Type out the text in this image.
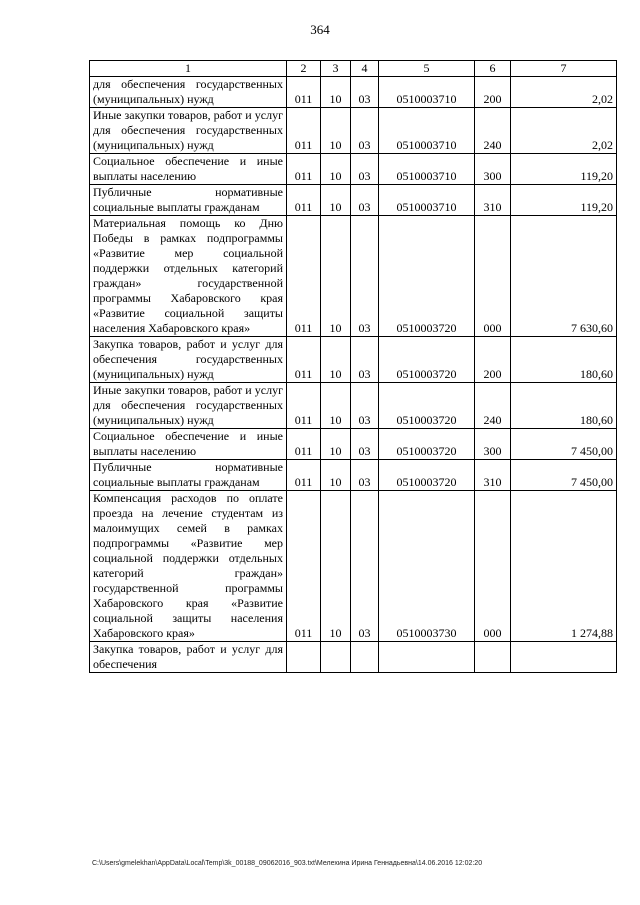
364
1	2	3	4	5	6	7
для обеспечения государственных (муниципальных) нужд	011	10	03	0510003710	200	2,02
Иные закупки товаров, работ и услуг для обеспечения государственных (муниципальных) нужд	011	10	03	0510003710	240	2,02
Социальное обеспечение и иные выплаты населению	011	10	03	0510003710	300	119,20
Публичные нормативные социальные выплаты гражданам	011	10	03	0510003710	310	119,20
Материальная помощь ко Дню Победы в рамках подпрограммы «Развитие мер социальной поддержки отдельных категорий граждан» государственной программы Хабаровского края «Развитие социальной защиты населения Хабаровского края»	011	10	03	0510003720	000	7 630,60
Закупка товаров, работ и услуг для обеспечения государственных (муниципальных) нужд	011	10	03	0510003720	200	180,60
Иные закупки товаров, работ и услуг для обеспечения государственных (муниципальных) нужд	011	10	03	0510003720	240	180,60
Социальное обеспечение и иные выплаты населению	011	10	03	0510003720	300	7 450,00
Публичные нормативные социальные выплаты гражданам	011	10	03	0510003720	310	7 450,00
Компенсация расходов по оплате проезда на лечение студентам из малоимущих семей в рамках подпрограммы «Развитие мер социальной поддержки отдельных категорий граждан» государственной программы Хабаровского края «Развитие социальной защиты населения Хабаровского края»	011	10	03	0510003730	000	1 274,88
Закупка товаров, работ и услуг для обеспечения						
C:\Users\gmelekhan\AppData\Local\Temp\3k_00188_09062016_903.txt\Мелехина Ирина Геннадьевна\14.06.2016 12:02:20
